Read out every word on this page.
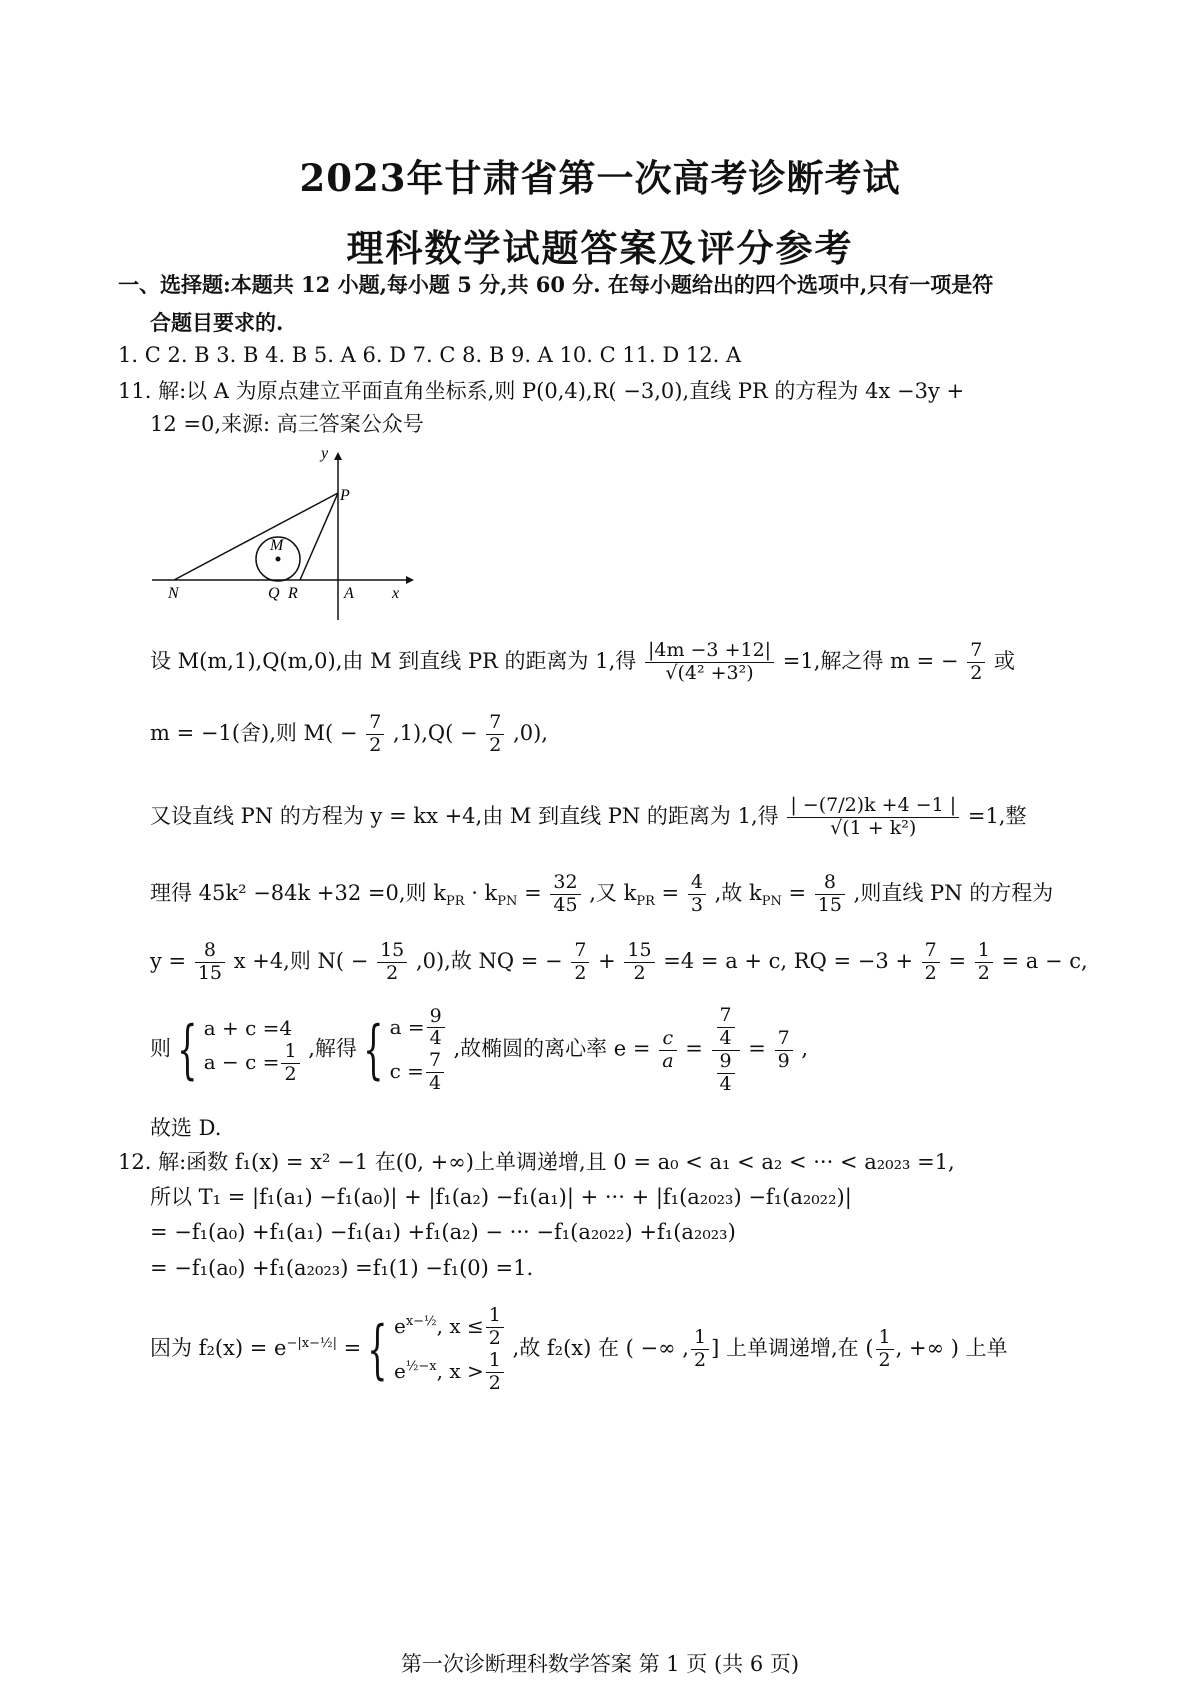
2023年甘肃省第一次高考诊断考试
理科数学试题答案及评分参考
一、选择题:本题共 12 小题,每小题 5 分,共 60 分. 在每小题给出的四个选项中,只有一项是符
合题目要求的.
1. C 2. B 3. B 4. B 5. A 6. D 7. C 8. B 9. A 10. C 11. D 12. A
11. 解:以 A 为原点建立平面直角坐标系,则 P(0,4),R( −3,0),直线 PR 的方程为 4x −3y +
12 =0,来源: 高三答案公众号
y
P
M
N	Q R	A x
设 M(m,1),Q(m,0),由 M 到直线 PR 的距离为 1,得 $\frac{|4m -3 +12|}{\text{√(4² +3²)}} =1$,解之得 m = − $\frac{7}{2}$ 或
m = −1(舍),则 $M( - \frac{7}{2} ,1),Q( - \frac{7}{2} ,0)$,
又设直线 PN 的方程为 y = kx +4,由 M 到直线 PN 的距离为 1,得 $\frac{| -(7/2)k +4 -1 |}{\text{√(1 + k²)}} =1$,整
理得 45k² −84k +32 =0,则 $k_{PR} \cdot k_{PN} = \frac{32}{45}$ ,又 $k_{PR} = \frac{4}{3}$ ,故 $k_{PN} = \frac{8}{15}$ ,则直线 PN 的方程为
$y = \frac{8}{15}$ x +4,则 $N( - \frac{15}{2} ,0)$,故 NQ = − $\frac{7}{2} + \frac{15}{2} =4 = a + c$, RQ = $-3 + \frac{7}{2} = \frac{1}{2} = a - c$,
则{ a + c =4
$a - c = \frac{1}{2}$ ,解得{ $a = \frac{9}{4}$
$c = \frac{7}{4}$
,故椭圆的离心率 $e = \frac{c}{a} = \frac{\frac{7}{4}}{\frac{9}{4}} = \frac{7}{9}$ ,
故选 D.
12. 解:函数 f₁(x) = x² −1 在(0, +∞)上单调递增,且 0 = a₀ < a₁ < a₂ < ··· < a₂₀₂₃ =1,
所以 T₁ = |f₁(a₁) −f₁(a₀)| + |f₁(a₂) −f₁(a₁)| + ··· + |f₁(a₂₀₂₃) −f₁(a₂₀₂₂)|
= −f₁(a₀) +f₁(a₁) −f₁(a₁) +f₁(a₂) − ··· −f₁(a₂₀₂₂) +f₁(a₂₀₂₃)
= −f₁(a₀) +f₁(a₂₀₂₃) =f₁(1) −f₁(0) =1.
因为 $f_2(x) = e^{-|x-\frac{1}{2}|}$ ={ $e^{x-\frac{1}{2}}$, $x \le \frac{1}{2}$
$e^{\frac{1}{2}-x}$, $x > \frac{1}{2}$
,故 f₂(x) 在 ( −∞ , $\frac{1}{2}$ ] 上单调递增,在 ( $\frac{1}{2}$ , +∞ ) 上单
第一次诊断理科数学答案 第 1 页 (共 6 页)
